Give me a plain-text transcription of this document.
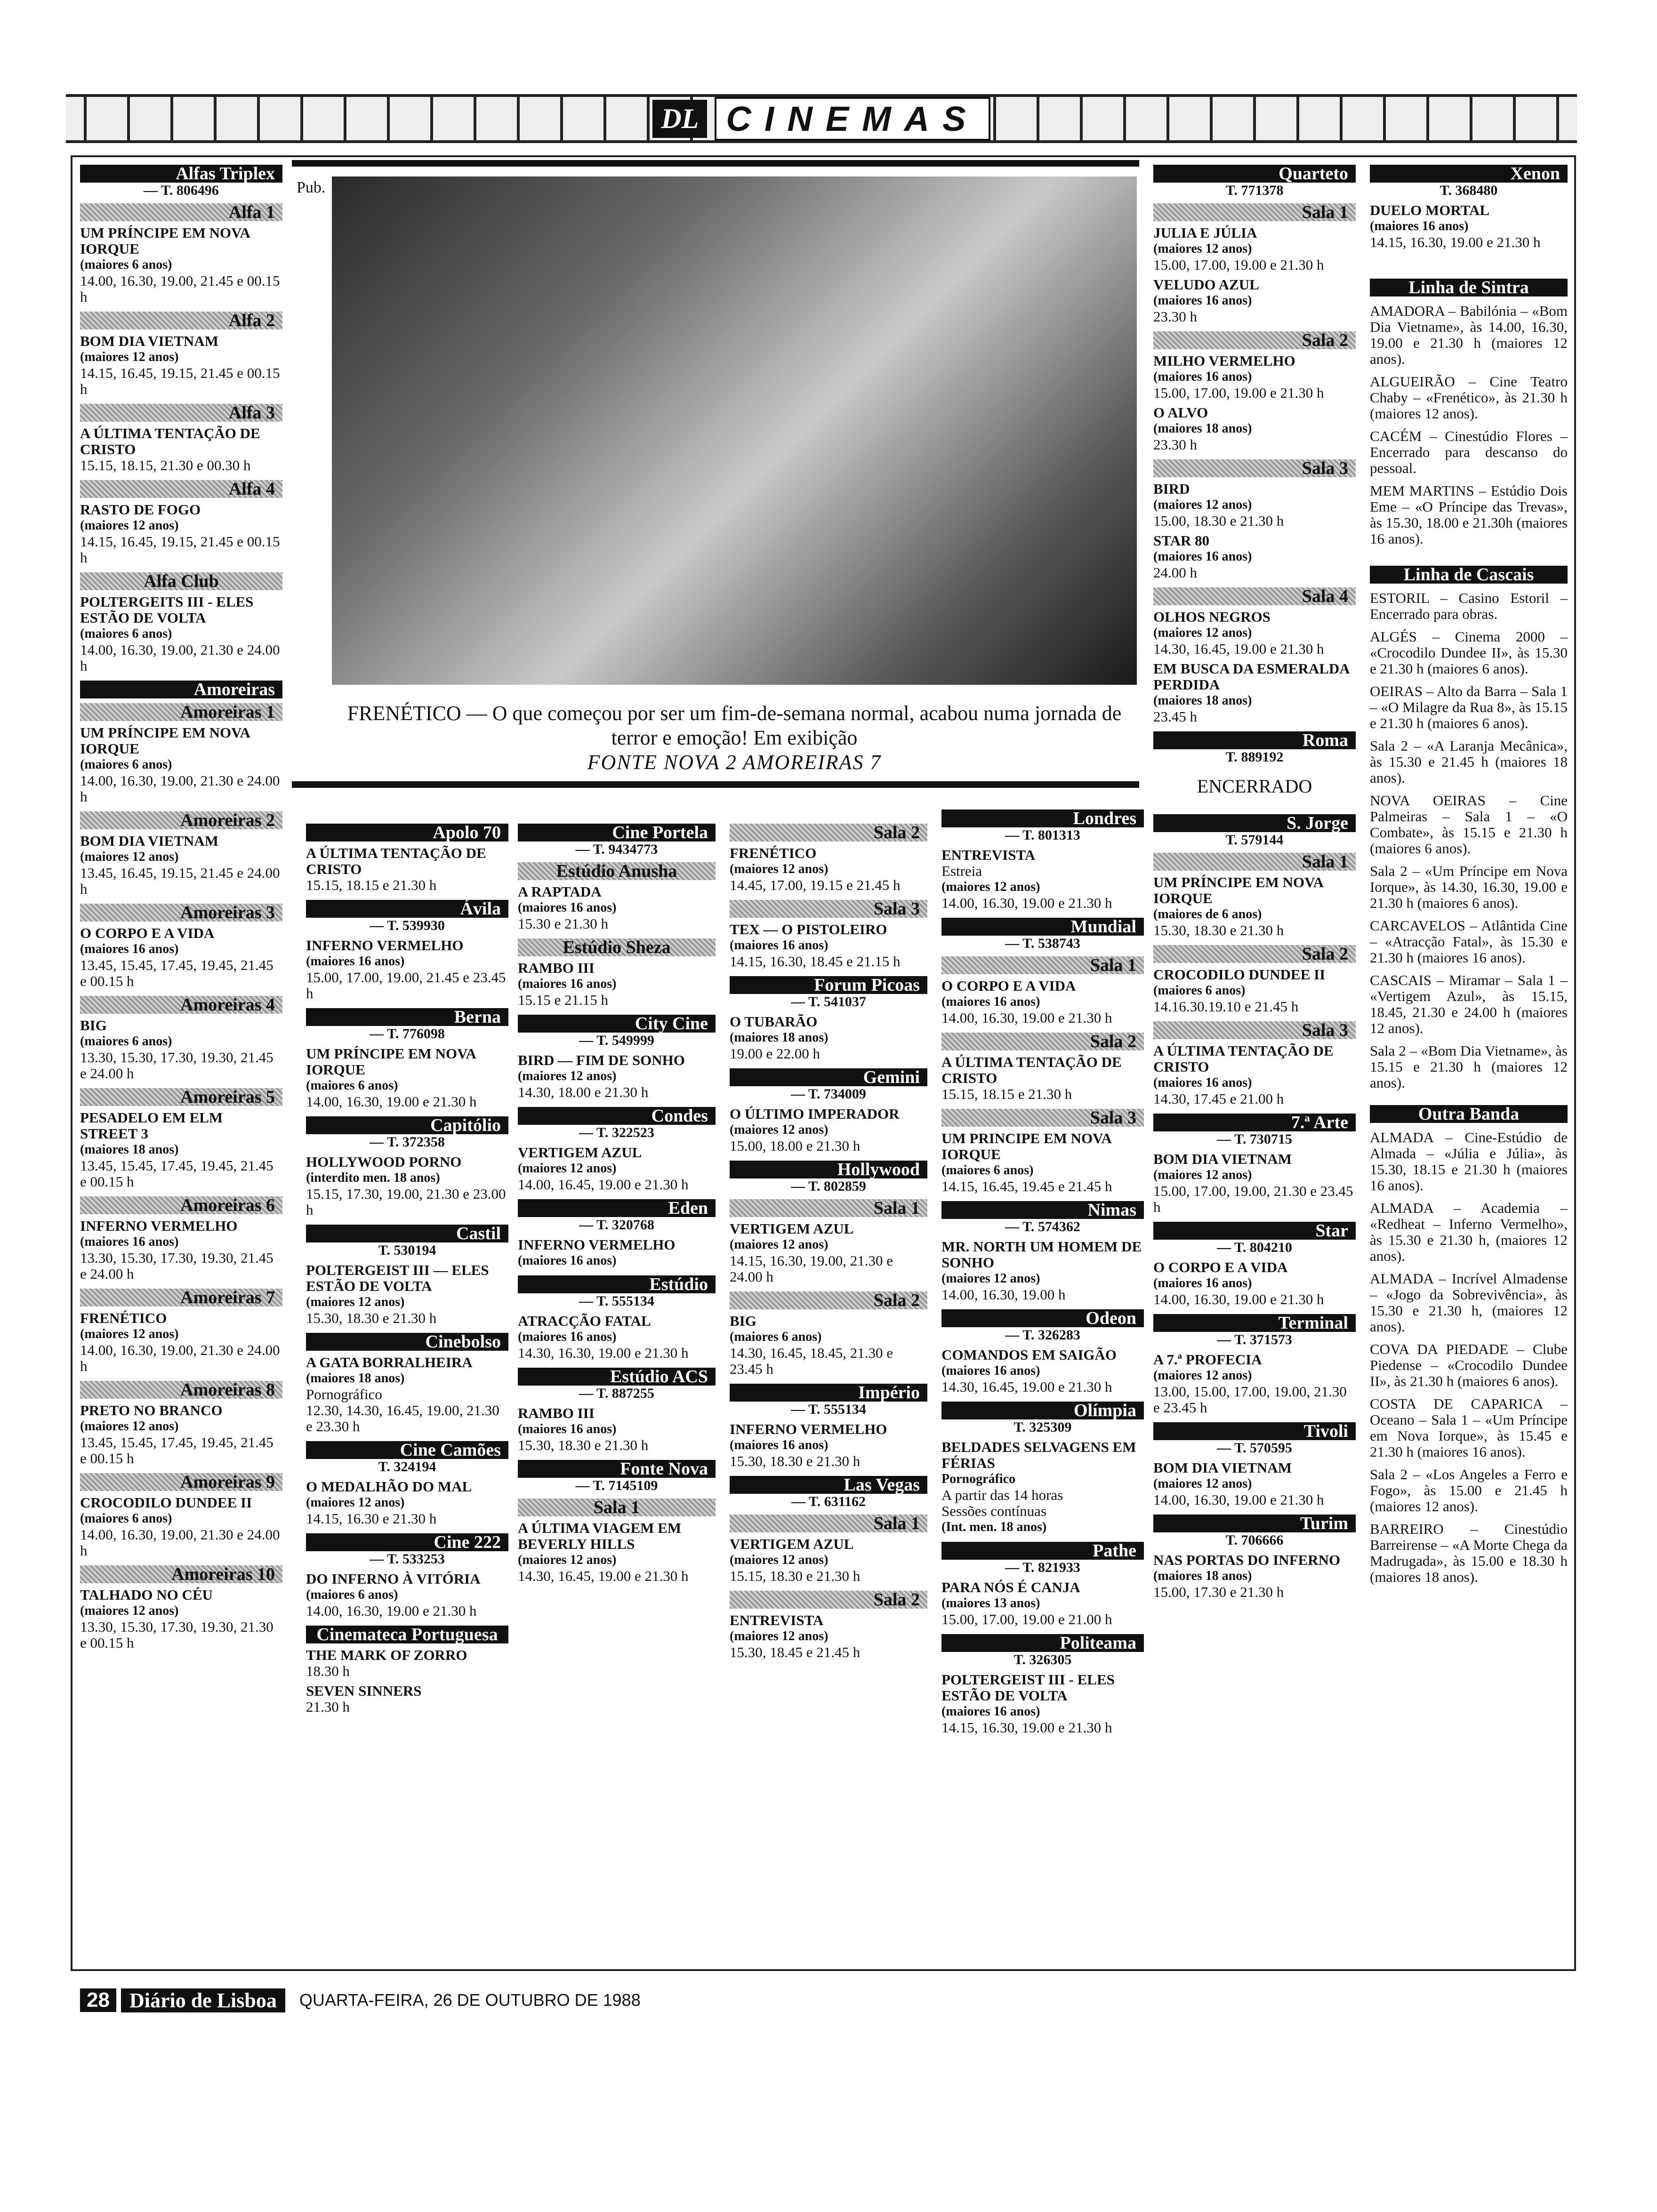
DL CINEMAS
Alfas Triplex
— T. 806496
Alfa 1
UM PRÍNCIPE EM NOVA IORQUE
(maiores 6 anos)
14.00, 16.30, 19.00, 21.45 e 00.15 h
Alfa 2
BOM DIA VIETNAM
(maiores 12 anos)
14.15, 16.45, 19.15, 21.45 e 00.15 h
Alfa 3
A ÚLTIMA TENTAÇÃO DE CRISTO
15.15, 18.15, 21.30 e 00.30 h
Alfa 4
RASTO DE FOGO
(maiores 12 anos)
14.15, 16.45, 19.15, 21.45 e 00.15 h
Alfa Club
POLTERGEITS III - ELES ESTÃO DE VOLTA
(maiores 6 anos)
14.00, 16.30, 19.00, 21.30 e 24.00 h
Amoreiras
Amoreiras 1
UM PRÍNCIPE EM NOVA IORQUE
(maiores 6 anos)
14.00, 16.30, 19.00, 21.30 e 24.00 h
Amoreiras 2
BOM DIA VIETNAM
(maiores 12 anos)
13.45, 16.45, 19.15, 21.45 e 24.00 h
Amoreiras 3
O CORPO E A VIDA
(maiores 16 anos)
13.45, 15.45, 17.45, 19.45, 21.45 e 00.15 h
Amoreiras 4
BIG
(maiores 6 anos)
13.30, 15.30, 17.30, 19.30, 21.45 e 24.00 h
Amoreiras 5
PESADELO EM ELM STREET 3
(maiores 18 anos)
13.45, 15.45, 17.45, 19.45, 21.45 e 00.15 h
Amoreiras 6
INFERNO VERMELHO
(maiores 16 anos)
13.30, 15.30, 17.30, 19.30, 21.45 e 24.00 h
Amoreiras 7
FRENÉTICO
(maiores 12 anos)
14.00, 16.30, 19.00, 21.30 e 24.00 h
Amoreiras 8
PRETO NO BRANCO
(maiores 12 anos)
13.45, 15.45, 17.45, 19.45, 21.45 e 00.15 h
Amoreiras 9
CROCODILO DUNDEE II
(maiores 6 anos)
14.00, 16.30, 19.00, 21.30 e 24.00 h
Amoreiras 10
TALHADO NO CÉU
(maiores 12 anos)
13.30, 15.30, 17.30, 19.30, 21.30 e 00.15 h
Pub.
FRENÉTICO — O que começou por ser um fim-de-semana normal, acabou numa jornada de terror e emoção! Em exibição
FONTE NOVA 2 AMOREIRAS 7
Apolo 70
A ÚLTIMA TENTAÇÃO DE CRISTO
15.15, 18.15 e 21.30 h
Ávila
— T. 539930
INFERNO VERMELHO
(maiores 16 anos)
15.00, 17.00, 19.00, 21.45 e 23.45 h
Berna
— T. 776098
UM PRÍNCIPE EM NOVA IORQUE
(maiores 6 anos)
14.00, 16.30, 19.00 e 21.30 h
Capitólio
— T. 372358
HOLLYWOOD PORNO
(interdito men. 18 anos)
15.15, 17.30, 19.00, 21.30 e 23.00 h
Castil
T. 530194
POLTERGEIST III — ELES ESTÃO DE VOLTA
(maiores 12 anos)
15.30, 18.30 e 21.30 h
Cinebolso
A GATA BORRALHEIRA
(maiores 18 anos)
Pornográfico
12.30, 14.30, 16.45, 19.00, 21.30 e 23.30 h
Cine Camões
T. 324194
O MEDALHÃO DO MAL
(maiores 12 anos)
14.15, 16.30 e 21.30 h
Cine 222
— T. 533253
DO INFERNO À VITÓRIA
(maiores 6 anos)
14.00, 16.30, 19.00 e 21.30 h
Cinemateca Portuguesa
THE MARK OF ZORRO
18.30 h
SEVEN SINNERS
21.30 h
Cine Portela
— T. 9434773
Estúdio Anusha
A RAPTADA
(maiores 16 anos)
15.30 e 21.30 h
Estúdio Sheza
RAMBO III
(maiores 16 anos)
15.15 e 21.15 h
City Cine
— T. 549999
BIRD — FIM DE SONHO
(maiores 12 anos)
14.30, 18.00 e 21.30 h
Condes
— T. 322523
VERTIGEM AZUL
(maiores 12 anos)
14.00, 16.45, 19.00 e 21.30 h
Eden
— T. 320768
INFERNO VERMELHO
(maiores 16 anos)
Estúdio
— T. 555134
ATRACÇÃO FATAL
(maiores 16 anos)
14.30, 16.30, 19.00 e 21.30 h
Estúdio ACS
— T. 887255
RAMBO III
(maiores 16 anos)
15.30, 18.30 e 21.30 h
Fonte Nova
— T. 7145109
Sala 1
A ÚLTIMA VIAGEM EM BEVERLY HILLS
(maiores 12 anos)
14.30, 16.45, 19.00 e 21.30 h
Sala 2
FRENÉTICO
(maiores 12 anos)
14.45, 17.00, 19.15 e 21.45 h
Sala 3
TEX — O PISTOLEIRO
(maiores 16 anos)
14.15, 16.30, 18.45 e 21.15 h
Forum Picoas
— T. 541037
O TUBARÃO
(maiores 18 anos)
19.00 e 22.00 h
Gemini
— T. 734009
O ÚLTIMO IMPERADOR
(maiores 12 anos)
15.00, 18.00 e 21.30 h
Hollywood
— T. 802859
Sala 1
VERTIGEM AZUL
(maiores 12 anos)
14.15, 16.30, 19.00, 21.30 e 24.00 h
Sala 2
BIG
(maiores 6 anos)
14.30, 16.45, 18.45, 21.30 e 23.45 h
Império
— T. 555134
INFERNO VERMELHO
(maiores 16 anos)
15.30, 18.30 e 21.30 h
Las Vegas
— T. 631162
Sala 1
VERTIGEM AZUL
(maiores 12 anos)
15.15, 18.30 e 21.30 h
Sala 2
ENTREVISTA
(maiores 12 anos)
15.30, 18.45 e 21.45 h
Londres
— T. 801313
ENTREVISTA
Estreia
(maiores 12 anos)
14.00, 16.30, 19.00 e 21.30 h
Mundial
— T. 538743
Sala 1
O CORPO E A VIDA
(maiores 16 anos)
14.00, 16.30, 19.00 e 21.30 h
Sala 2
A ÚLTIMA TENTAÇÃO DE CRISTO
15.15, 18.15 e 21.30 h
Sala 3
UM PRINCIPE EM NOVA IORQUE
(maiores 6 anos)
14.15, 16.45, 19.45 e 21.45 h
Nimas
— T. 574362
MR. NORTH UM HOMEM DE SONHO
(maiores 12 anos)
14.00, 16.30, 19.00 h
Odeon
— T. 326283
COMANDOS EM SAIGÃO
(maiores 16 anos)
14.30, 16.45, 19.00 e 21.30 h
Olímpia
T. 325309
BELDADES SELVAGENS EM FÉRIAS
Pornográfico
A partir das 14 horas
Sessões contínuas
(Int. men. 18 anos)
Pathe
— T. 821933
PARA NÓS É CANJA
(maiores 13 anos)
15.00, 17.00, 19.00 e 21.00 h
Politeama
T. 326305
POLTERGEIST III - ELES ESTÃO DE VOLTA
(maiores 16 anos)
14.15, 16.30, 19.00 e 21.30 h
Quarteto
T. 771378
Sala 1
JULIA E JÚLIA
(maiores 12 anos)
15.00, 17.00, 19.00 e 21.30 h
VELUDO AZUL
(maiores 16 anos)
23.30 h
Sala 2
MILHO VERMELHO
(maiores 16 anos)
15.00, 17.00, 19.00 e 21.30 h
O ALVO
(maiores 18 anos)
23.30 h
Sala 3
BIRD
(maiores 12 anos)
15.00, 18.30 e 21.30 h
STAR 80
(maiores 16 anos)
24.00 h
Sala 4
OLHOS NEGROS
(maiores 12 anos)
14.30, 16.45, 19.00 e 21.30 h
EM BUSCA DA ESMERALDA PERDIDA
(maiores 18 anos)
23.45 h
Roma
T. 889192
ENCERRADO
S. Jorge
T. 579144
Sala 1
UM PRÍNCIPE EM NOVA IORQUE
(maiores de 6 anos)
15.30, 18.30 e 21.30 h
Sala 2
CROCODILO DUNDEE II
(maiores 6 anos)
14.16.30.19.10 e 21.45 h
Sala 3
A ÚLTIMA TENTAÇÃO DE CRISTO
(maiores 16 anos)
14.30, 17.45 e 21.00 h
7.ª Arte
— T. 730715
BOM DIA VIETNAM
(maiores 12 anos)
15.00, 17.00, 19.00, 21.30 e 23.45 h
Star
— T. 804210
O CORPO E A VIDA
(maiores 16 anos)
14.00, 16.30, 19.00 e 21.30 h
Terminal
— T. 371573
A 7.ª PROFECIA
(maiores 12 anos)
13.00, 15.00, 17.00, 19.00, 21.30 e 23.45 h
Tivoli
— T. 570595
BOM DIA VIETNAM
(maiores 12 anos)
14.00, 16.30, 19.00 e 21.30 h
Turim
T. 706666
NAS PORTAS DO INFERNO
(maiores 18 anos)
15.00, 17.30 e 21.30 h
Xenon
T. 368480
DUELO MORTAL
(maiores 16 anos)
14.15, 16.30, 19.00 e 21.30 h
Linha de Sintra
AMADORA – Babilónia – «Bom Dia Vietname», às 14.00, 16.30, 19.00 e 21.30 h (maiores 12 anos).
ALGUEIRÃO – Cine Teatro Chaby – «Frenético», às 21.30 h (maiores 12 anos).
CACÉM – Cinestúdio Flores – Encerrado para descanso do pessoal.
MEM MARTINS – Estúdio Dois Eme – «O Príncipe das Trevas», às 15.30, 18.00 e 21.30h (maiores 16 anos).
Linha de Cascais
ESTORIL – Casino Estoril – Encerrado para obras.
ALGÉS – Cinema 2000 – «Crocodilo Dundee II», às 15.30 e 21.30 h (maiores 6 anos).
OEIRAS – Alto da Barra – Sala 1 – «O Milagre da Rua 8», às 15.15 e 21.30 h (maiores 6 anos).
Sala 2 – «A Laranja Mecânica», às 15.30 e 21.45 h (maiores 18 anos).
NOVA OEIRAS – Cine Palmeiras – Sala 1 – «O Combate», às 15.15 e 21.30 h (maiores 6 anos).
Sala 2 – «Um Príncipe em Nova Iorque», às 14.30, 16.30, 19.00 e 21.30 h (maiores 6 anos).
CARCAVELOS – Atlântida Cine – «Atracção Fatal», às 15.30 e 21.30 h (maiores 16 anos).
CASCAIS – Miramar – Sala 1 – «Vertigem Azul», às 15.15, 18.45, 21.30 e 24.00 h (maiores 12 anos).
Sala 2 – «Bom Dia Vietname», às 15.15 e 21.30 h (maiores 12 anos).
Outra Banda
ALMADA – Cine-Estúdio de Almada – «Júlia e Júlia», às 15.30, 18.15 e 21.30 h (maiores 16 anos).
ALMADA – Academia – «Redheat – Inferno Vermelho», às 15.30 e 21.30 h, (maiores 12 anos).
ALMADA – Incrível Almadense – «Jogo da Sobrevivência», às 15.30 e 21.30 h, (maiores 12 anos).
COVA DA PIEDADE – Clube Piedense – «Crocodilo Dundee II», às 21.30 h (maiores 6 anos).
COSTA DE CAPARICA – Oceano – Sala 1 – «Um Príncipe em Nova Iorque», às 15.45 e 21.30 h (maiores 16 anos).
Sala 2 – «Los Angeles a Ferro e Fogo», às 15.00 e 21.45 h (maiores 12 anos).
BARREIRO – Cinestúdio Barreirense – «A Morte Chega da Madrugada», às 15.00 e 18.30 h (maiores 18 anos).
28 Diário de Lisboa	QUARTA-FEIRA, 26 DE OUTUBRO DE 1988
